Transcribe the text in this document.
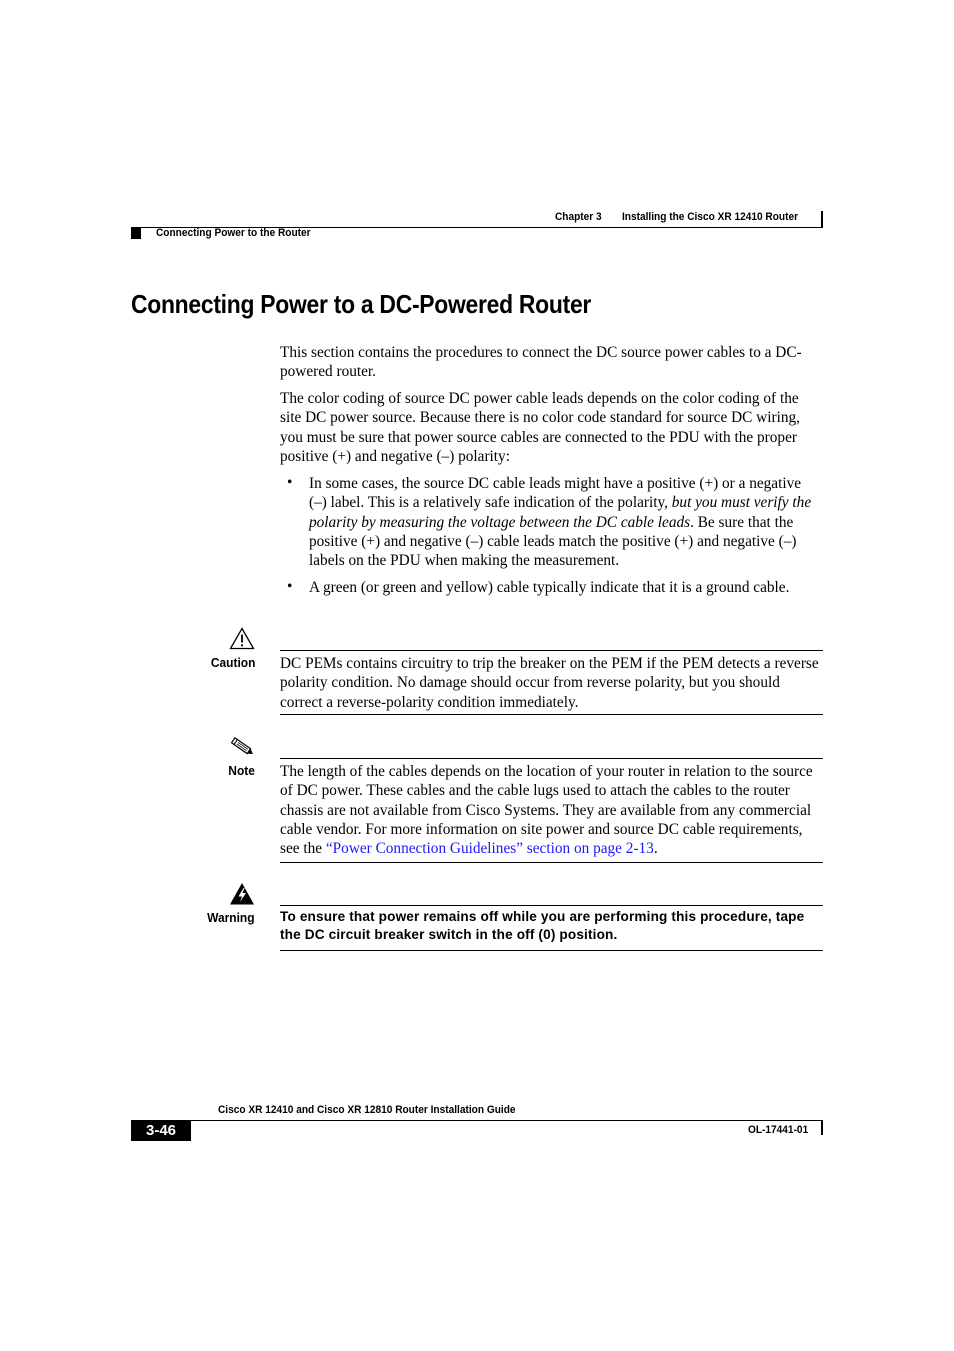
Chapter 3 Installing the Cisco XR 12410 Router
Connecting Power to the Router
Connecting Power to a DC-Powered Router
This section contains the procedures to connect the DC source power cables to a DC-powered router.
The color coding of source DC power cable leads depends on the color coding of the site DC power source. Because there is no color code standard for source DC wiring, you must be sure that power source cables are connected to the PDU with the proper positive (+) and negative (–) polarity:
• In some cases, the source DC cable leads might have a positive (+) or a negative (–) label. This is a relatively safe indication of the polarity, but you must verify the polarity by measuring the voltage between the DC cable leads. Be sure that the positive (+) and negative (–) cable leads match the positive (+) and negative (–) labels on the PDU when making the measurement.
• A green (or green and yellow) cable typically indicate that it is a ground cable.
Caution DC PEMs contains circuitry to trip the breaker on the PEM if the PEM detects a reverse polarity condition. No damage should occur from reverse polarity, but you should correct a reverse-polarity condition immediately.
Note The length of the cables depends on the location of your router in relation to the source of DC power. These cables and the cable lugs used to attach the cables to the router chassis are not available from Cisco Systems. They are available from any commercial cable vendor. For more information on site power and source DC cable requirements, see the “Power Connection Guidelines” section on page 2-13.
Warning To ensure that power remains off while you are performing this procedure, tape the DC circuit breaker switch in the off (0) position.
Cisco XR 12410 and Cisco XR 12810 Router Installation Guide
3-46	OL-17441-01
